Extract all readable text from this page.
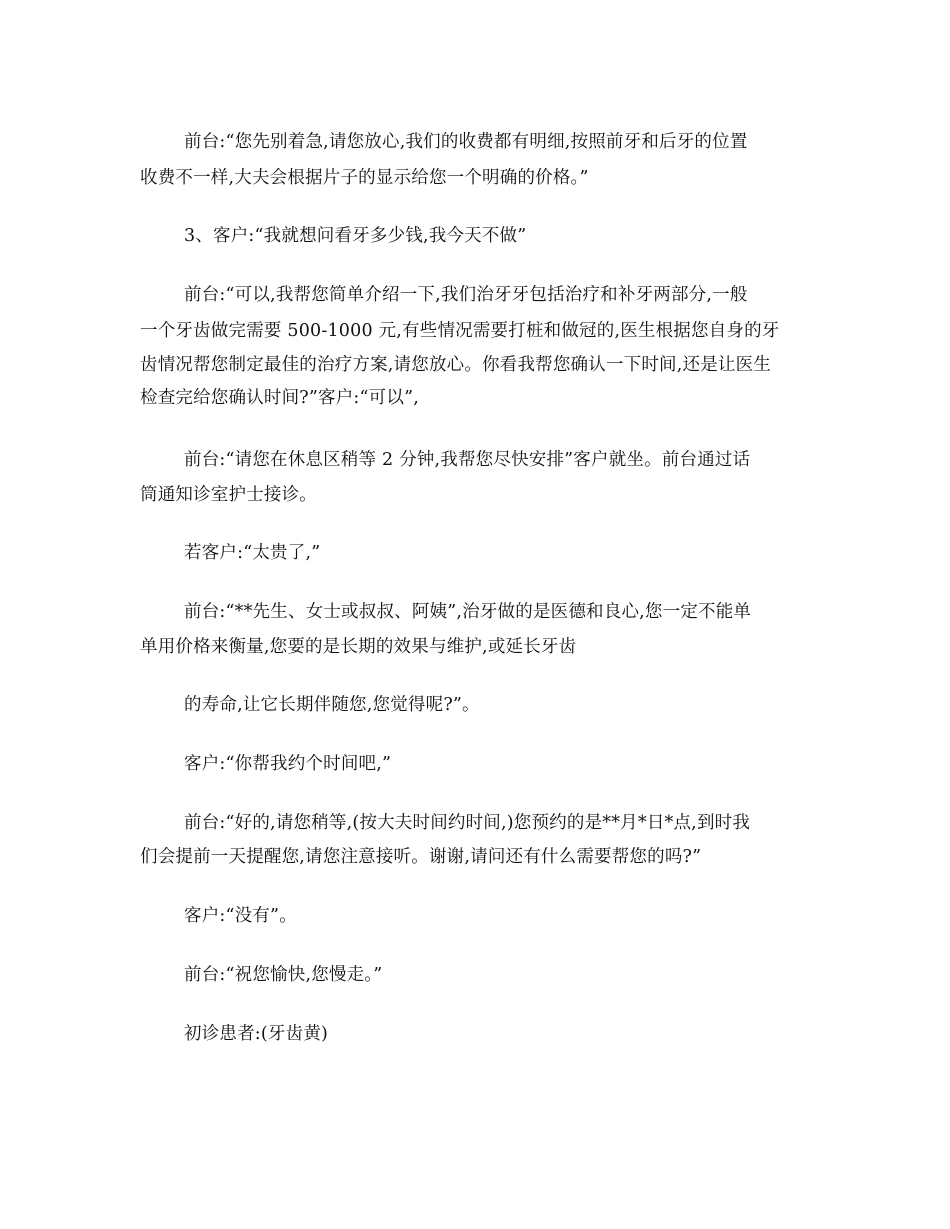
前台:“您先别着急,请您放心,我们的收费都有明细,按照前牙和后牙的位置
收费不一样,大夫会根据片子的显示给您一个明确的价格。”
3、客户:“我就想问看牙多少钱,我今天不做”
前台:“可以,我帮您简单介绍一下,我们治牙牙包括治疗和补牙两部分,一般
一个牙齿做完需要 500-1000 元,有些情况需要打桩和做冠的,医生根据您自身的牙
齿情况帮您制定最佳的治疗方案,请您放心。你看我帮您确认一下时间,还是让医生
检查完给您确认时间?”客户:“可以”,
前台:“请您在休息区稍等 2 分钟,我帮您尽快安排”客户就坐。前台通过话
筒通知诊室护士接诊。
若客户:“太贵了,”
前台:“**先生、女士或叔叔、阿姨”,治牙做的是医德和良心,您一定不能单
单用价格来衡量,您要的是长期的效果与维护,或延长牙齿
的寿命,让它长期伴随您,您觉得呢?”。
客户:“你帮我约个时间吧,”
前台:“好的,请您稍等,(按大夫时间约时间,)您预约的是**月*日*点,到时我
们会提前一天提醒您,请您注意接听。谢谢,请问还有什么需要帮您的吗?”
客户:“没有”。
前台:“祝您愉快,您慢走。”
初诊患者:(牙齿黄)
